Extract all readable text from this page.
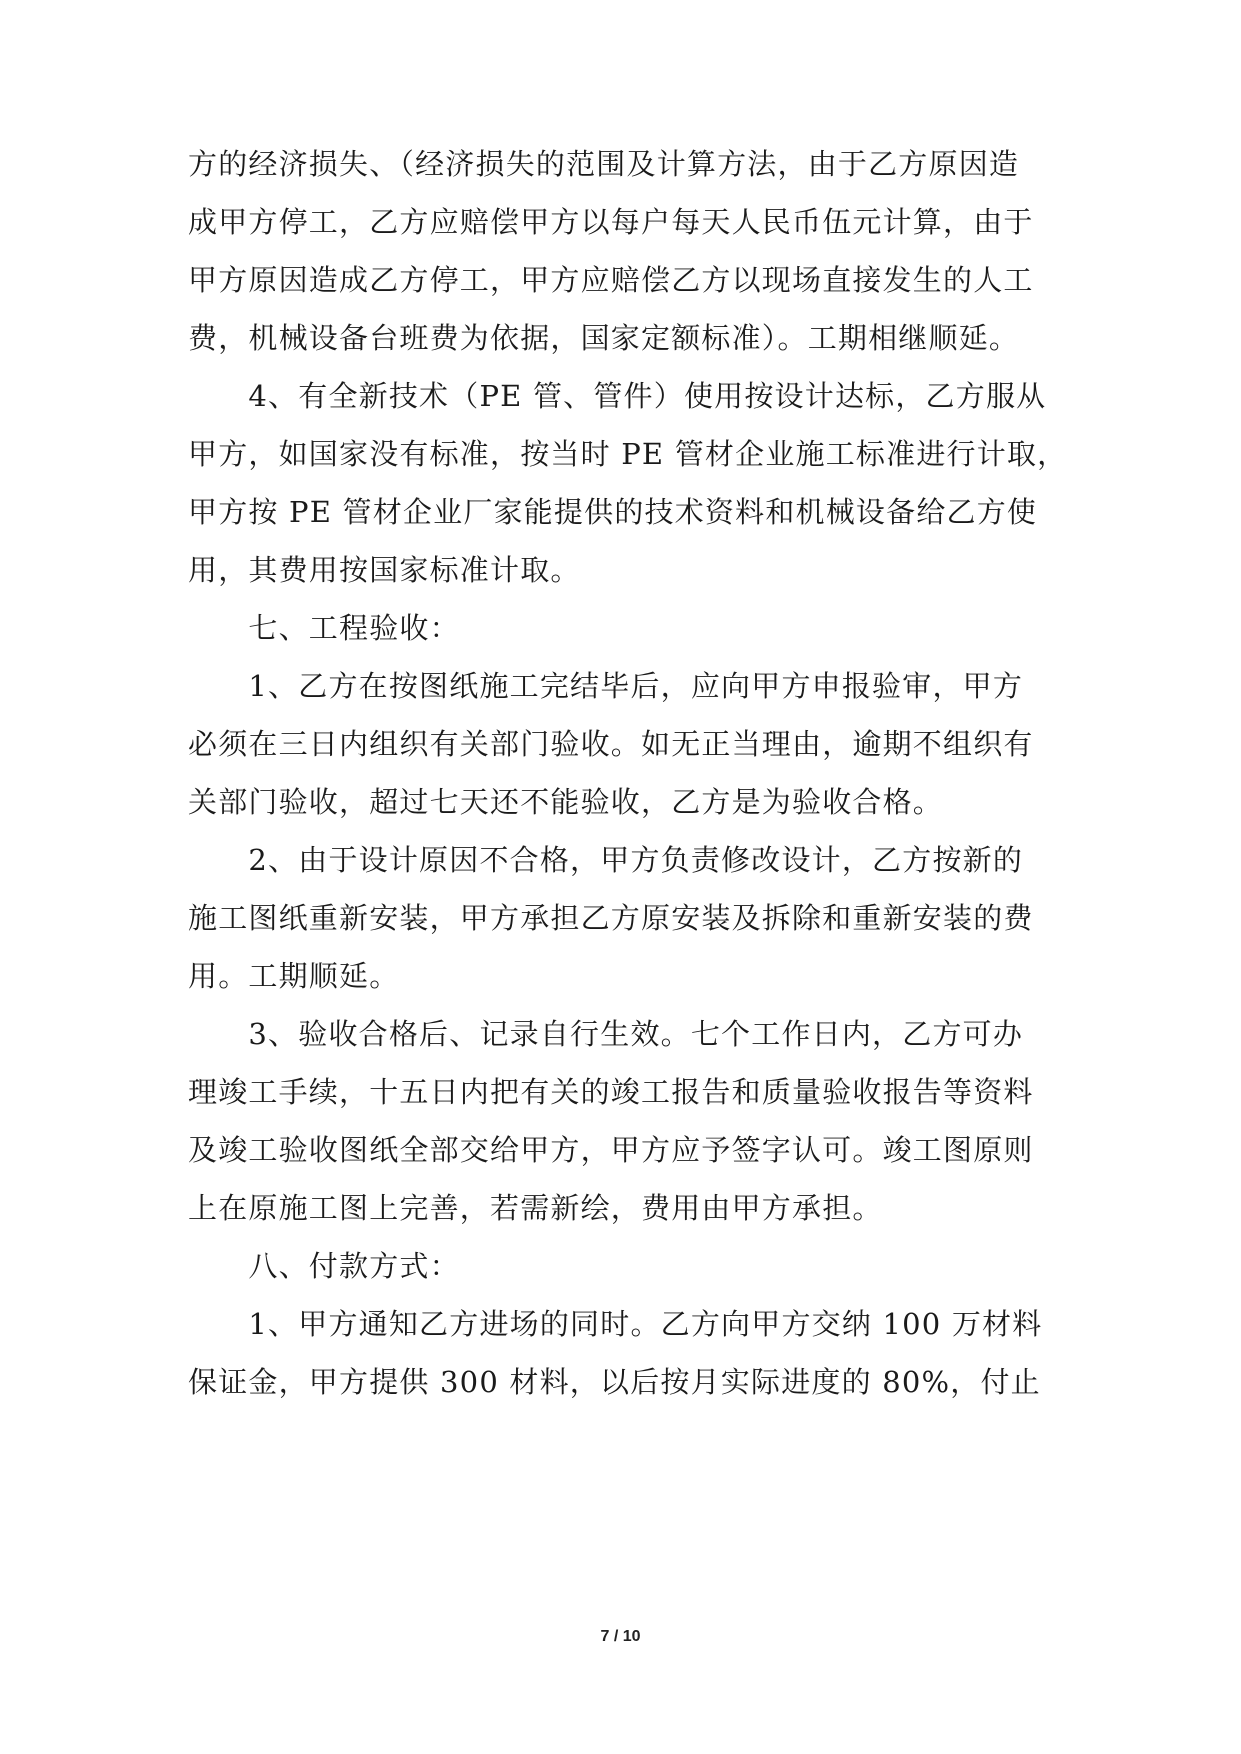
方的经济损失、（经济损失的范围及计算方法，由于乙方原因造
成甲方停工，乙方应赔偿甲方以每户每天人民币伍元计算，由于
甲方原因造成乙方停工，甲方应赔偿乙方以现场直接发生的人工
费，机械设备台班费为依据，国家定额标准）。工期相继顺延。
　　4、有全新技术（PE 管、管件）使用按设计达标，乙方服从
甲方，如国家没有标准，按当时 PE 管材企业施工标准进行计取，
甲方按 PE 管材企业厂家能提供的技术资料和机械设备给乙方使
用，其费用按国家标准计取。
　　七、工程验收：
　　1、乙方在按图纸施工完结毕后，应向甲方申报验审，甲方
必须在三日内组织有关部门验收。如无正当理由，逾期不组织有
关部门验收，超过七天还不能验收，乙方是为验收合格。
　　2、由于设计原因不合格，甲方负责修改设计，乙方按新的
施工图纸重新安装，甲方承担乙方原安装及拆除和重新安装的费
用。工期顺延。
　　3、验收合格后、记录自行生效。七个工作日内，乙方可办
理竣工手续，十五日内把有关的竣工报告和质量验收报告等资料
及竣工验收图纸全部交给甲方，甲方应予签字认可。竣工图原则
上在原施工图上完善，若需新绘，费用由甲方承担。
　　八、付款方式：
　　1、甲方通知乙方进场的同时。乙方向甲方交纳 100 万材料
保证金，甲方提供 300 材料，以后按月实际进度的 80%，付止
7 / 10
